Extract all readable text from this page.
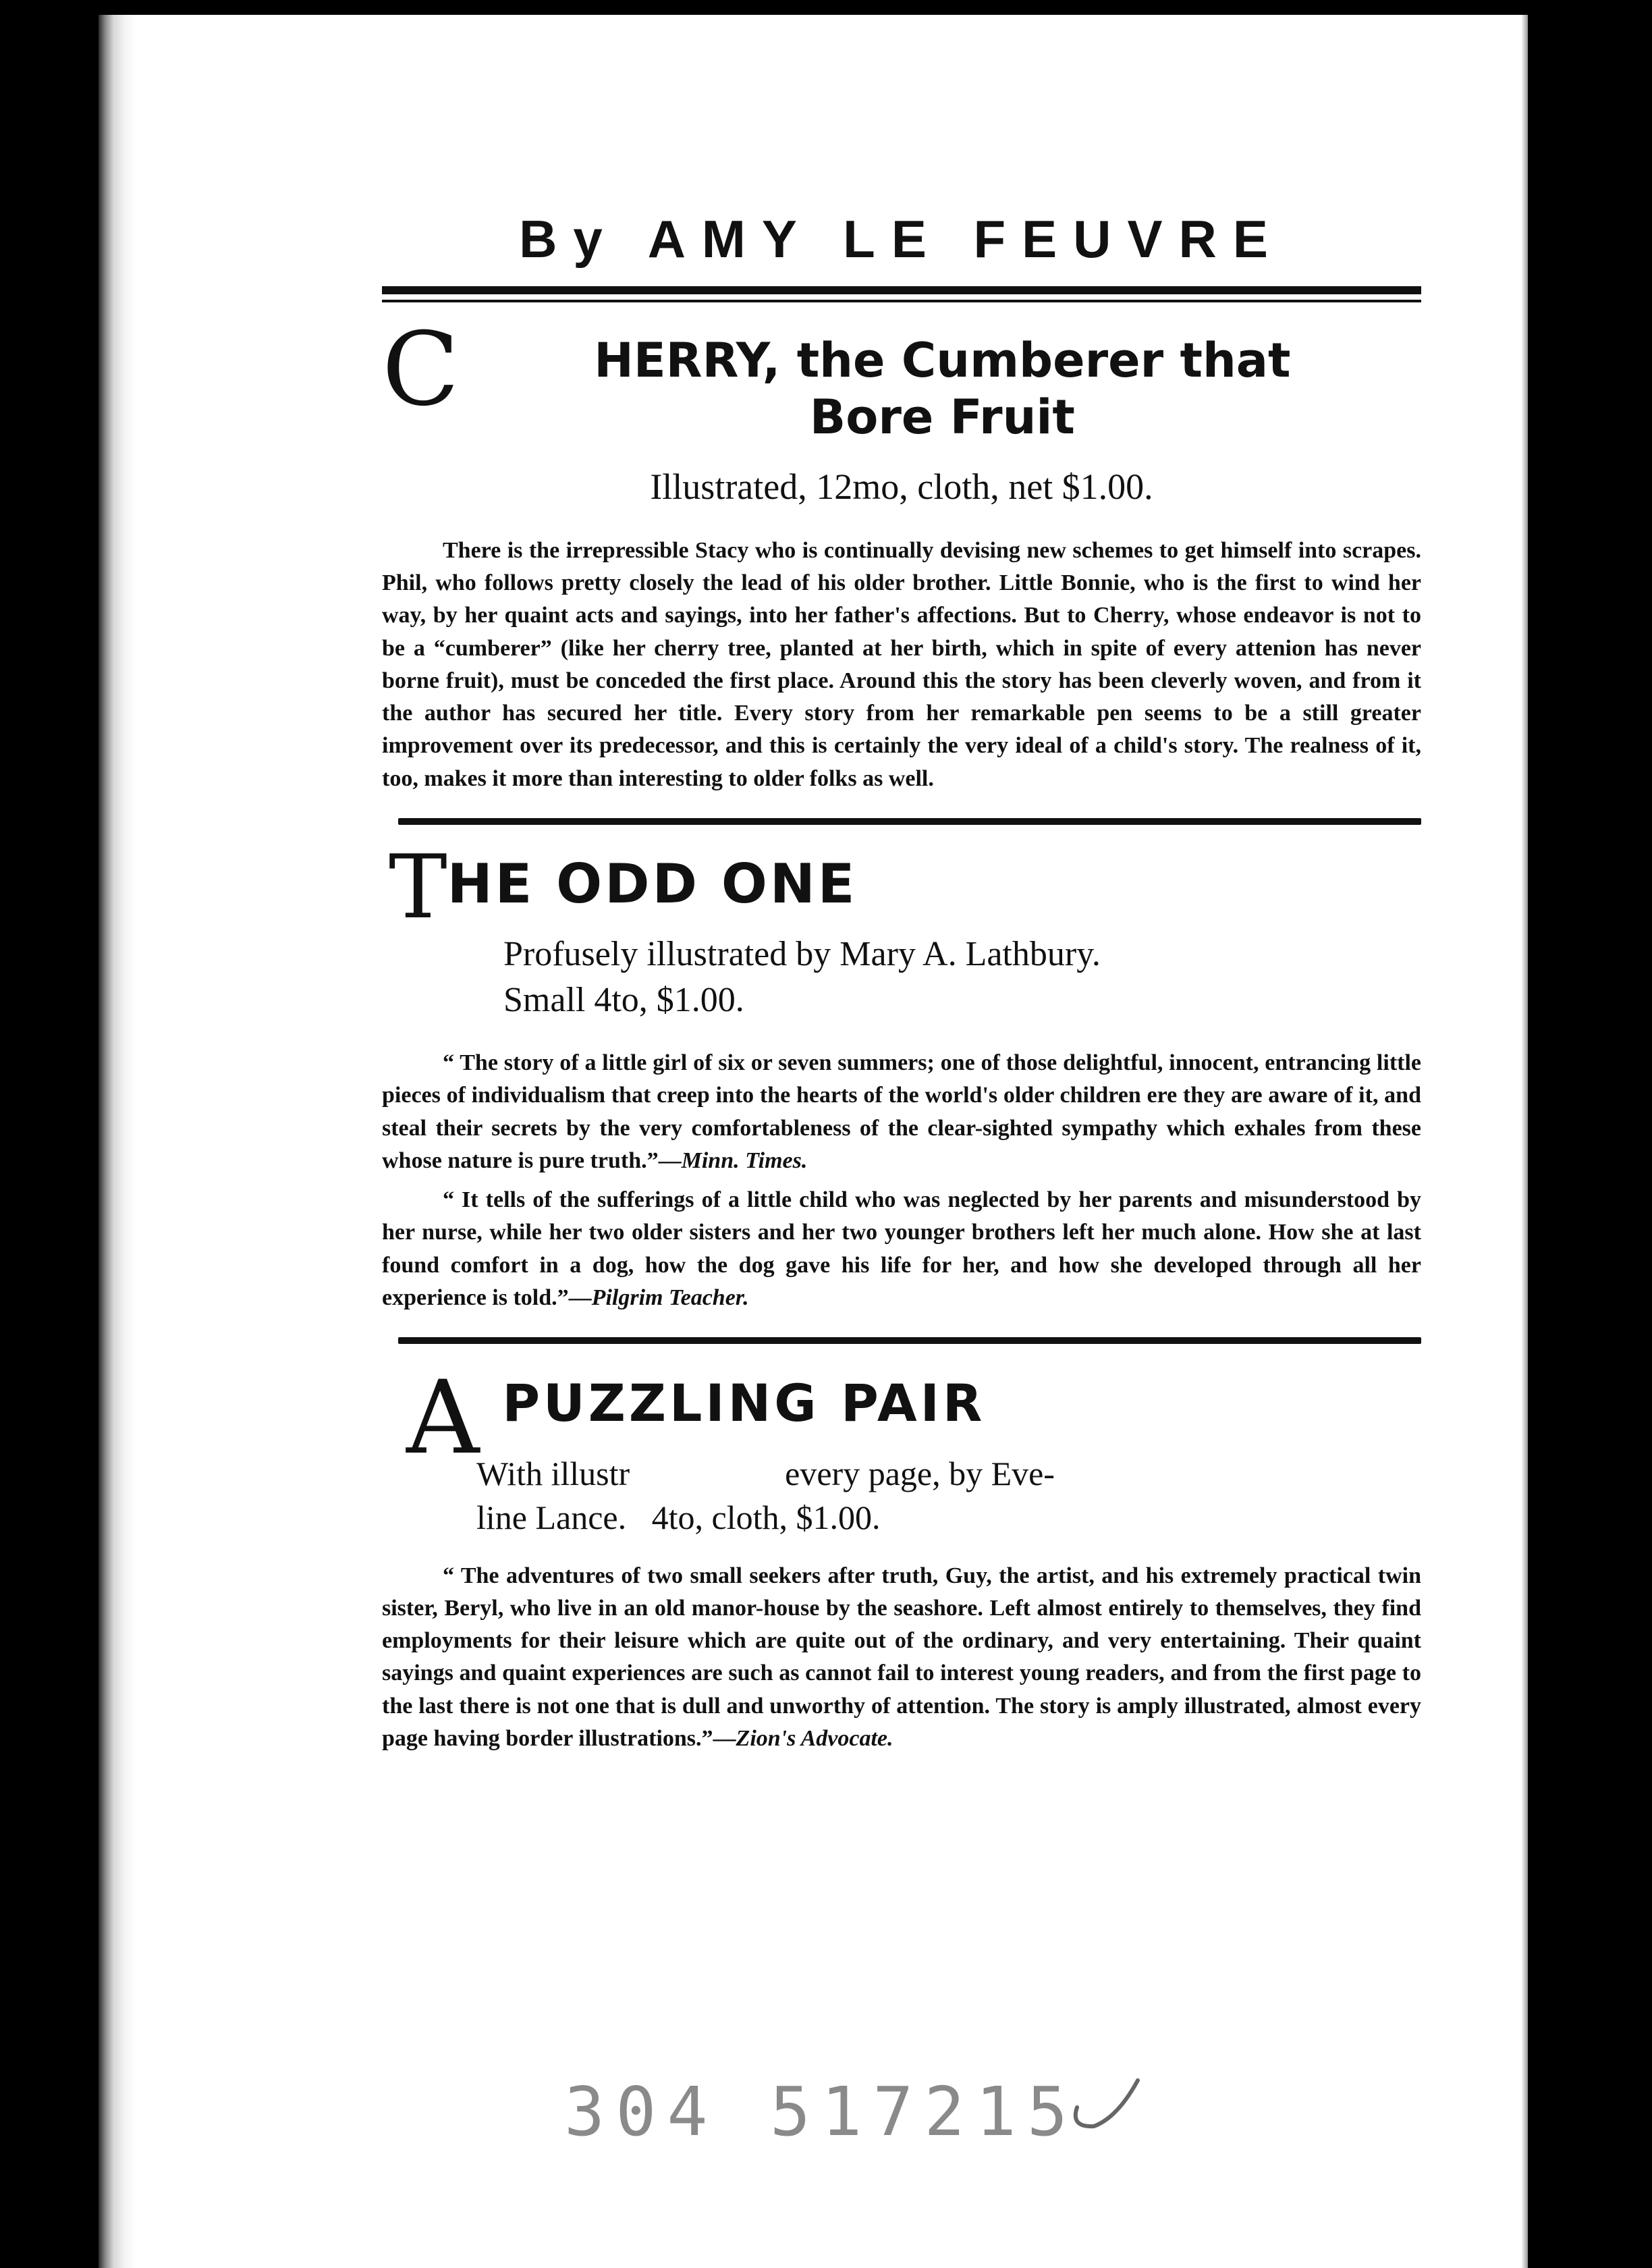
By AMY LE FEUVRE
C	HERRY, the Cumberer that
Bore Fruit

Illustrated, 12mo, cloth, net $1.00.

There is the irrepressible Stacy who is continually devising new schemes to get himself into scrapes. Phil, who follows pretty closely the lead of his older brother. Little Bonnie, who is the first to wind her way, by her quaint acts and sayings, into her father's affections. But to Cherry, whose endeavor is not to be a “cumberer” (like her cherry tree, planted at her birth, which in spite of every attenion has never borne fruit), must be conceded the first place. Around this the story has been cleverly woven, and from it the author has secured her title. Every story from her remarkable pen seems to be a still greater improvement over its predecessor, and this is certainly the very ideal of a child's story. The realness of it, too, makes it more than interesting to older folks as well.

T HE ODD ONE
Profusely illustrated by Mary A. Lathbury.
Small 4to, $1.00.

“ The story of a little girl of six or seven summers; one of those delightful, innocent, entrancing little pieces of individualism that creep into the hearts of the world's older children ere they are aware of it, and steal their secrets by the very comfortableness of the clear-sighted sympathy which exhales from these whose nature is pure truth.”—Minn. Times.

“ It tells of the sufferings of a little child who was neglected by her parents and misunderstood by her nurse, while her two older sisters and her two younger brothers left her much alone. How she at last found comfort in a dog, how the dog gave his life for her, and how she developed through all her experience is told.”—Pilgrim Teacher.

A PUZZLING PAIR
With illustr	every page, by Eve-
line Lance. 4to, cloth, $1.00.

“ The adventures of two small seekers after truth, Guy, the artist, and his extremely practical twin sister, Beryl, who live in an old manor-house by the seashore. Left almost entirely to themselves, they find employments for their leisure which are quite out of the ordinary, and very entertaining. Their quaint sayings and quaint experiences are such as cannot fail to interest young readers, and from the first page to the last there is not one that is dull and unworthy of attention. The story is amply illustrated, almost every page having border illustrations.”—Zion's Advocate.

304 517215
